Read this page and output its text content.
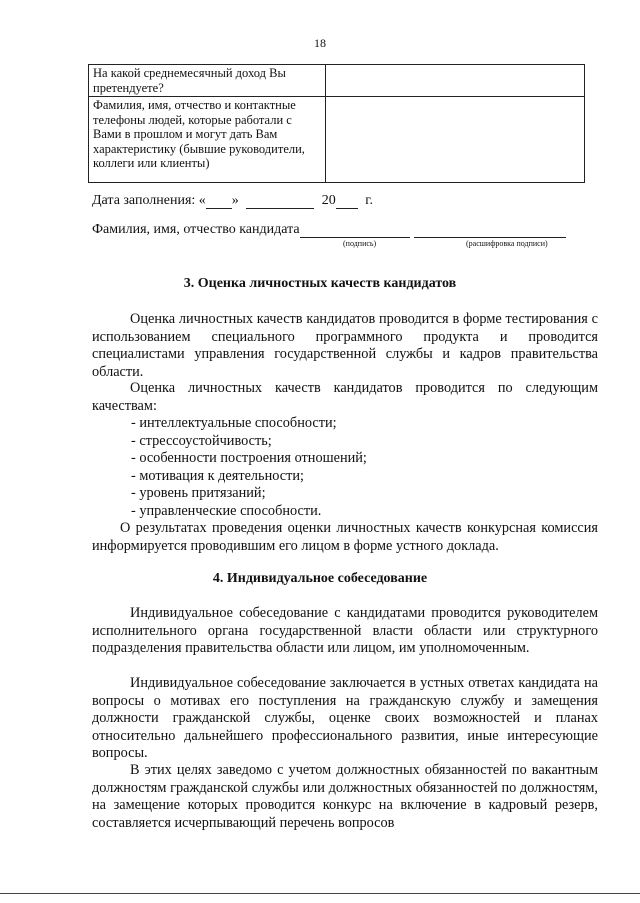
18
На какой среднемесячный доход Вы претендуете?	
Фамилия, имя, отчество и контактные телефоны людей, которые работали с Вами в прошлом и могут дать Вам характеристику (бывшие руководители, коллеги или клиенты)	
Дата заполнения: « »	20 г.
Фамилия, имя, отчество кандидата
(подпись)	(расшифровка подписи)
3. Оценка личностных качеств кандидатов

Оценка личностных качеств кандидатов проводится в форме тестирования с использованием специального программного продукта и проводится специалистами управления государственной службы и кадров правительства области.

Оценка личностных качеств кандидатов проводится по следующим качествам:

- интеллектуальные способности;
- стрессоустойчивость;
- особенности построения отношений;
- мотивация к деятельности;
- уровень притязаний;
- управленческие способности.

О результатах проведения оценки личностных качеств конкурсная комиссия информируется проводившим его лицом в форме устного доклада.

4. Индивидуальное собеседование

Индивидуальное собеседование с кандидатами проводится руководителем исполнительного органа государственной власти области или структурного подразделения правительства области или лицом, им уполномоченным.

Индивидуальное собеседование заключается в устных ответах кандидата на вопросы о мотивах его поступления на гражданскую службу и замещения должности гражданской службы, оценке своих возможностей и планах относительно дальнейшего профессионального развития, иные интересующие вопросы.

В этих целях заведомо с учетом должностных обязанностей по вакантным должностям гражданской службы или должностных обязанностей по должностям, на замещение которых проводится конкурс на включение в кадровый резерв, составляется исчерпывающий перечень вопросов
